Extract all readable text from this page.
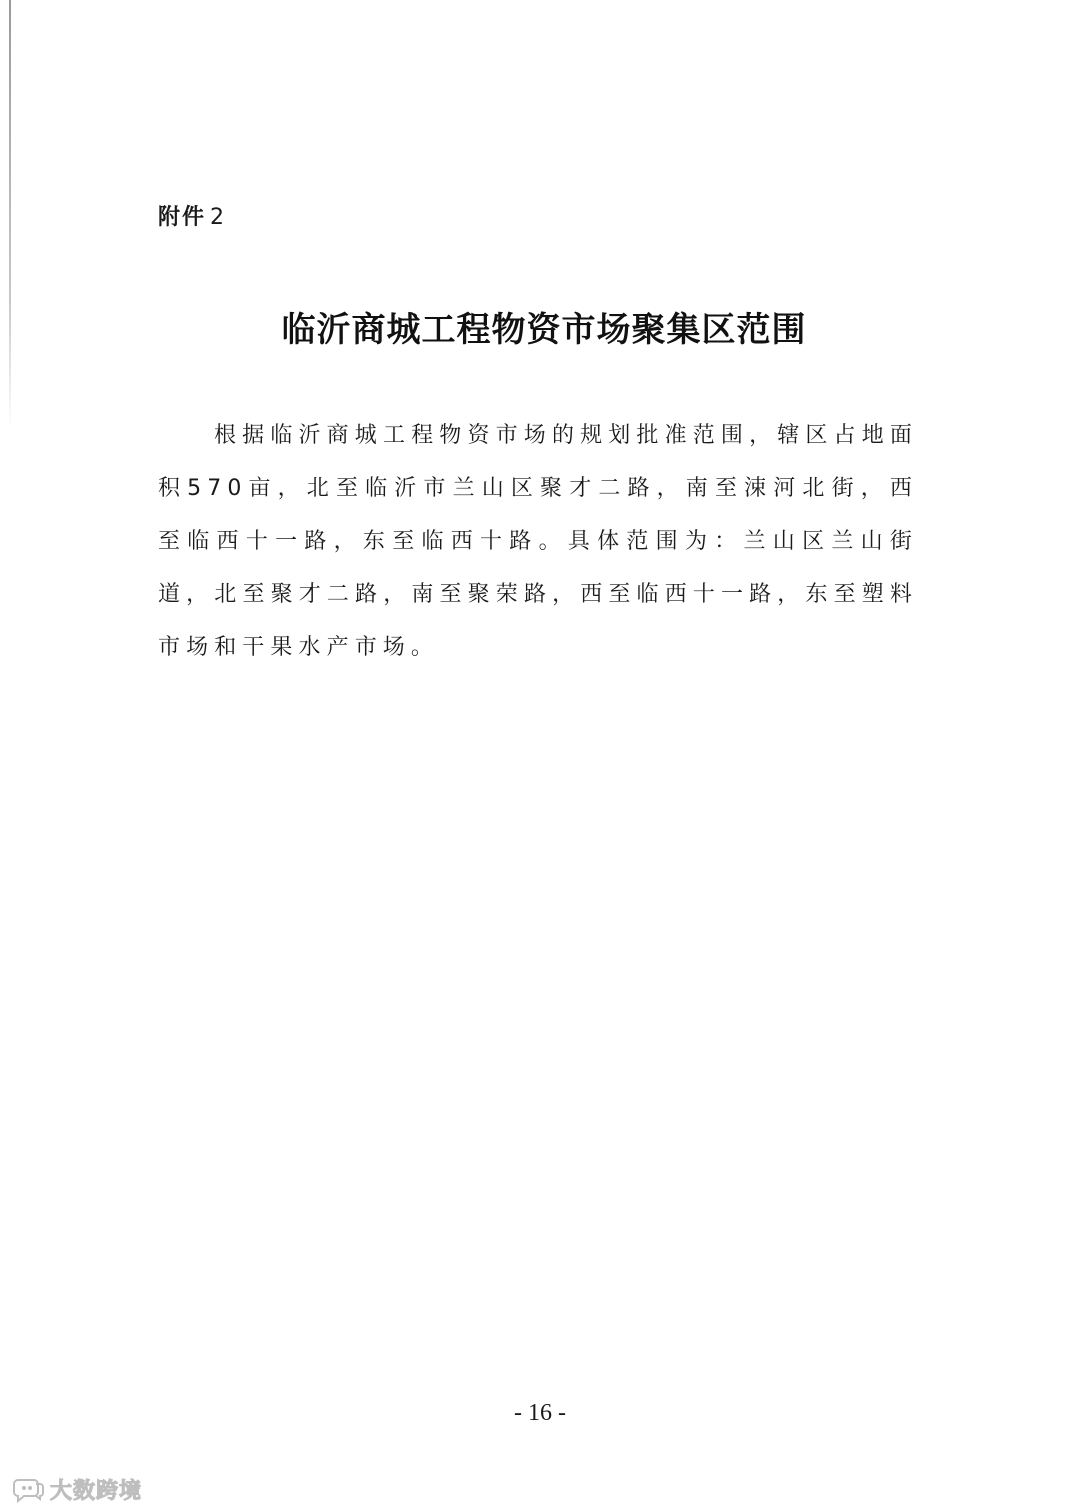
附件 2
临沂商城工程物资市场聚集区范围

根据临沂商城工程物资市场的规划批准范围，辖区占地面积570亩，北至临沂市兰山区聚才二路，南至涑河北街，西至临西十一路，东至临西十路。具体范围为：兰山区兰山街道，北至聚才二路，南至聚荣路，西至临西十一路，东至塑料市场和干果水产市场。

- 16 -
大数跨境
